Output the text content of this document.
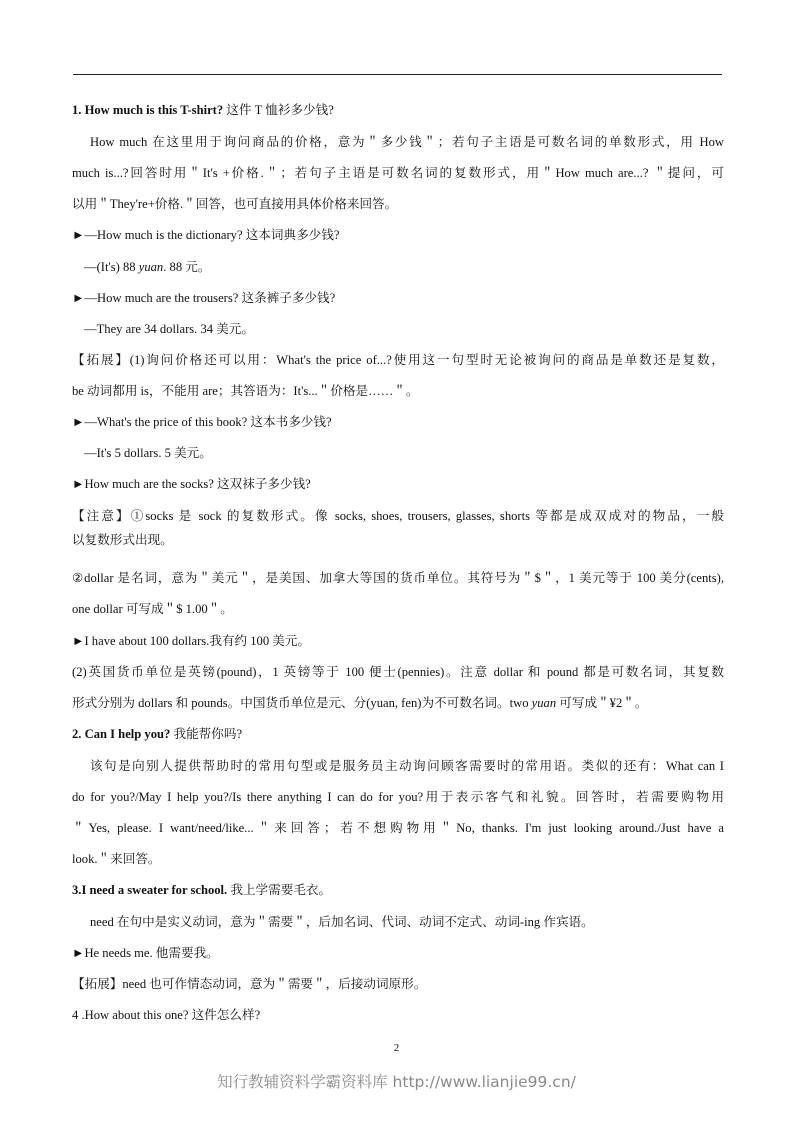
1. How much is this T-shirt? 这件 T 恤衫多少钱?
How much 在这里用于询问商品的价格，意为＂多少钱＂；若句子主语是可数名词的单数形式，用 How
much is...?回答时用＂It's +价格.＂；若句子主语是可数名词的复数形式，用＂How much are...? ＂提问，可
以用＂They're+价格.＂回答，也可直接用具体价格来回答。
►—How much is the dictionary? 这本词典多少钱?
—(It's) 88 yuan. 88 元。
►—How much are the trousers? 这条裤子多少钱?
—They are 34 dollars. 34 美元。
【拓展】(1)询问价格还可以用：What's the price of...?使用这一句型时无论被询问的商品是单数还是复数，
be 动词都用 is，不能用 are；其答语为：It's...＂价格是……＂。
►—What's the price of this book? 这本书多少钱?
—It's 5 dollars. 5 美元。
►How much are the socks? 这双袜子多少钱?
【注意】①socks 是 sock 的复数形式。像 socks, shoes, trousers, glasses, shorts 等都是成双成对的物品，一般
以复数形式出现。
②dollar 是名词，意为＂美元＂，是美国、加拿大等国的货币单位。其符号为＂$＂，1 美元等于 100 美分(cents),
one dollar 可写成＂$ 1.00＂。
►I have about 100 dollars.我有约 100 美元。
(2)英国货币单位是英镑(pound)，1 英镑等于 100 便士(pennies)。注意 dollar 和 pound 都是可数名词，其复数
形式分别为 dollars 和 pounds。中国货币单位是元、分(yuan, fen)为不可数名词。two yuan 可写成＂¥2＂。
2. Can I help you? 我能帮你吗?
该句是向别人提供帮助时的常用句型或是服务员主动询问顾客需要时的常用语。类似的还有：What can I
do for you?/May I help you?/Is there anything I can do for you?用于表示客气和礼貌。回答时，若需要购物用
＂Yes, please. I want/need/like...＂来回答；若不想购物用＂No, thanks. I'm just looking around./Just have a
look.＂来回答。
3.I need a sweater for school. 我上学需要毛衣。
need 在句中是实义动词，意为＂需要＂，后加名词、代词、动词不定式、动词-ing 作宾语。
►He needs me. 他需要我。
【拓展】need 也可作情态动词，意为＂需要＂，后接动词原形。
4 .How about this one? 这件怎么样?
2
知行教辅资料学霸资料库 http://www.lianjie99.cn/
